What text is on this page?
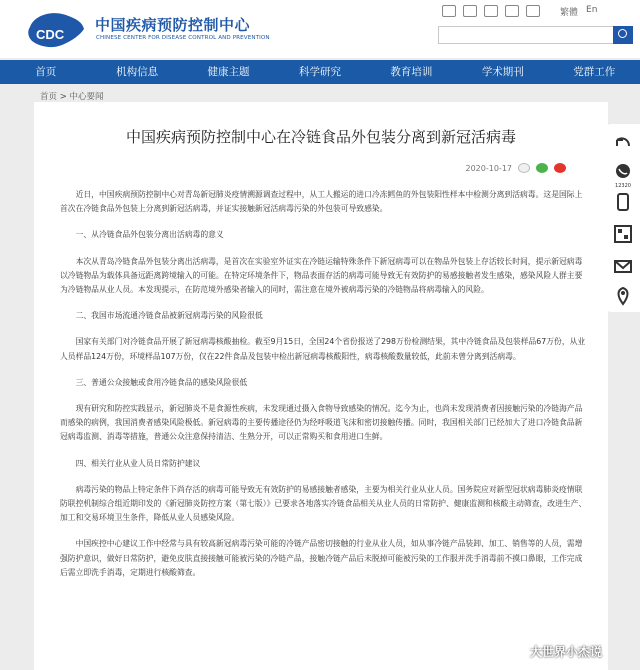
CDC
中国疾病预防控制中心
CHINESE CENTER FOR DISEASE CONTROL AND PREVENTION
繁體 En
首页	机构信息	健康主题	科学研究	教育培训	学术期刊	党群工作
首页 > 中心要闻
中国疾病预防控制中心在冷链食品外包装分离到新冠活病毒
2020-10-17

近日，中国疾病预防控制中心对青岛新冠肺炎疫情溯源调查过程中，从工人搬运的进口冷冻鳕鱼的外包装阳性样本中检测分离到活病毒。这是国际上首次在冷链食品外包装上分离到新冠活病毒，并证实接触新冠活病毒污染的外包装可导致感染。

一、从冷链食品外包装分离出活病毒的意义

本次从青岛冷链食品外包装分离出活病毒，是首次在实验室外证实在冷链运输特殊条件下新冠病毒可以在物品外包装上存活较长时间，提示新冠病毒以冷链物品为载体具备远距离跨境输入的可能。在特定环境条件下，物品表面存活的病毒可能导致无有效防护的易感接触者发生感染，感染风险人群主要为冷链物品从业人员。本发现提示，在防范境外感染者输入的同时，需注意在境外被病毒污染的冷链物品将病毒输入的风险。

二、我国市场流通冷链食品被新冠病毒污染的风险很低

国家有关部门对冷链食品开展了新冠病毒核酸抽检。截至9月15日，全国24个省份报送了298万份检测结果，其中冷链食品及包装样品67万份，从业人员样品124万份，环境样品107万份，仅在22件食品及包装中检出新冠病毒核酸阳性，病毒核酸数量较低，此前未曾分离到活病毒。

三、普通公众接触或食用冷链食品的感染风险很低

现有研究和防控实践显示，新冠肺炎不是食源性疾病，未发现通过摄入食物导致感染的情况。迄今为止，也尚未发现消费者因接触污染的冷链海产品而感染的病例，我国消费者感染风险极低。新冠病毒的主要传播途径仍为经呼吸道飞沫和密切接触传播。同时，我国相关部门已经加大了进口冷链食品新冠病毒监测、消毒等措施，普通公众注意保持清洁、生熟分开，可以正常购买和食用进口生鲜。

四、相关行业从业人员日常防护建议

病毒污染的物品上特定条件下尚存活的病毒可能导致无有效防护的易感接触者感染，主要为相关行业从业人员。国务院应对新型冠状病毒肺炎疫情联防联控机制综合组近期印发的《新冠肺炎防控方案（第七版）》已要求各地落实冷链食品相关从业人员的日常防护、健康监测和核酸主动筛查，改进生产、加工和交易环境卫生条件，降低从业人员感染风险。

中国疾控中心建议工作中经常与具有较高新冠病毒污染可能的冷链产品密切接触的行业从业人员，如从事冷链产品装卸、加工、销售等的人员，需增强防护意识，做好日常防护，避免皮肤直接接触可能被污染的冷链产品，接触冷链产品后未脱掉可能被污染的工作服并洗手消毒前不摸口鼻眼，工作完成后需立即洗手消毒，定期进行核酸筛查。

12320
大世界小杰说
